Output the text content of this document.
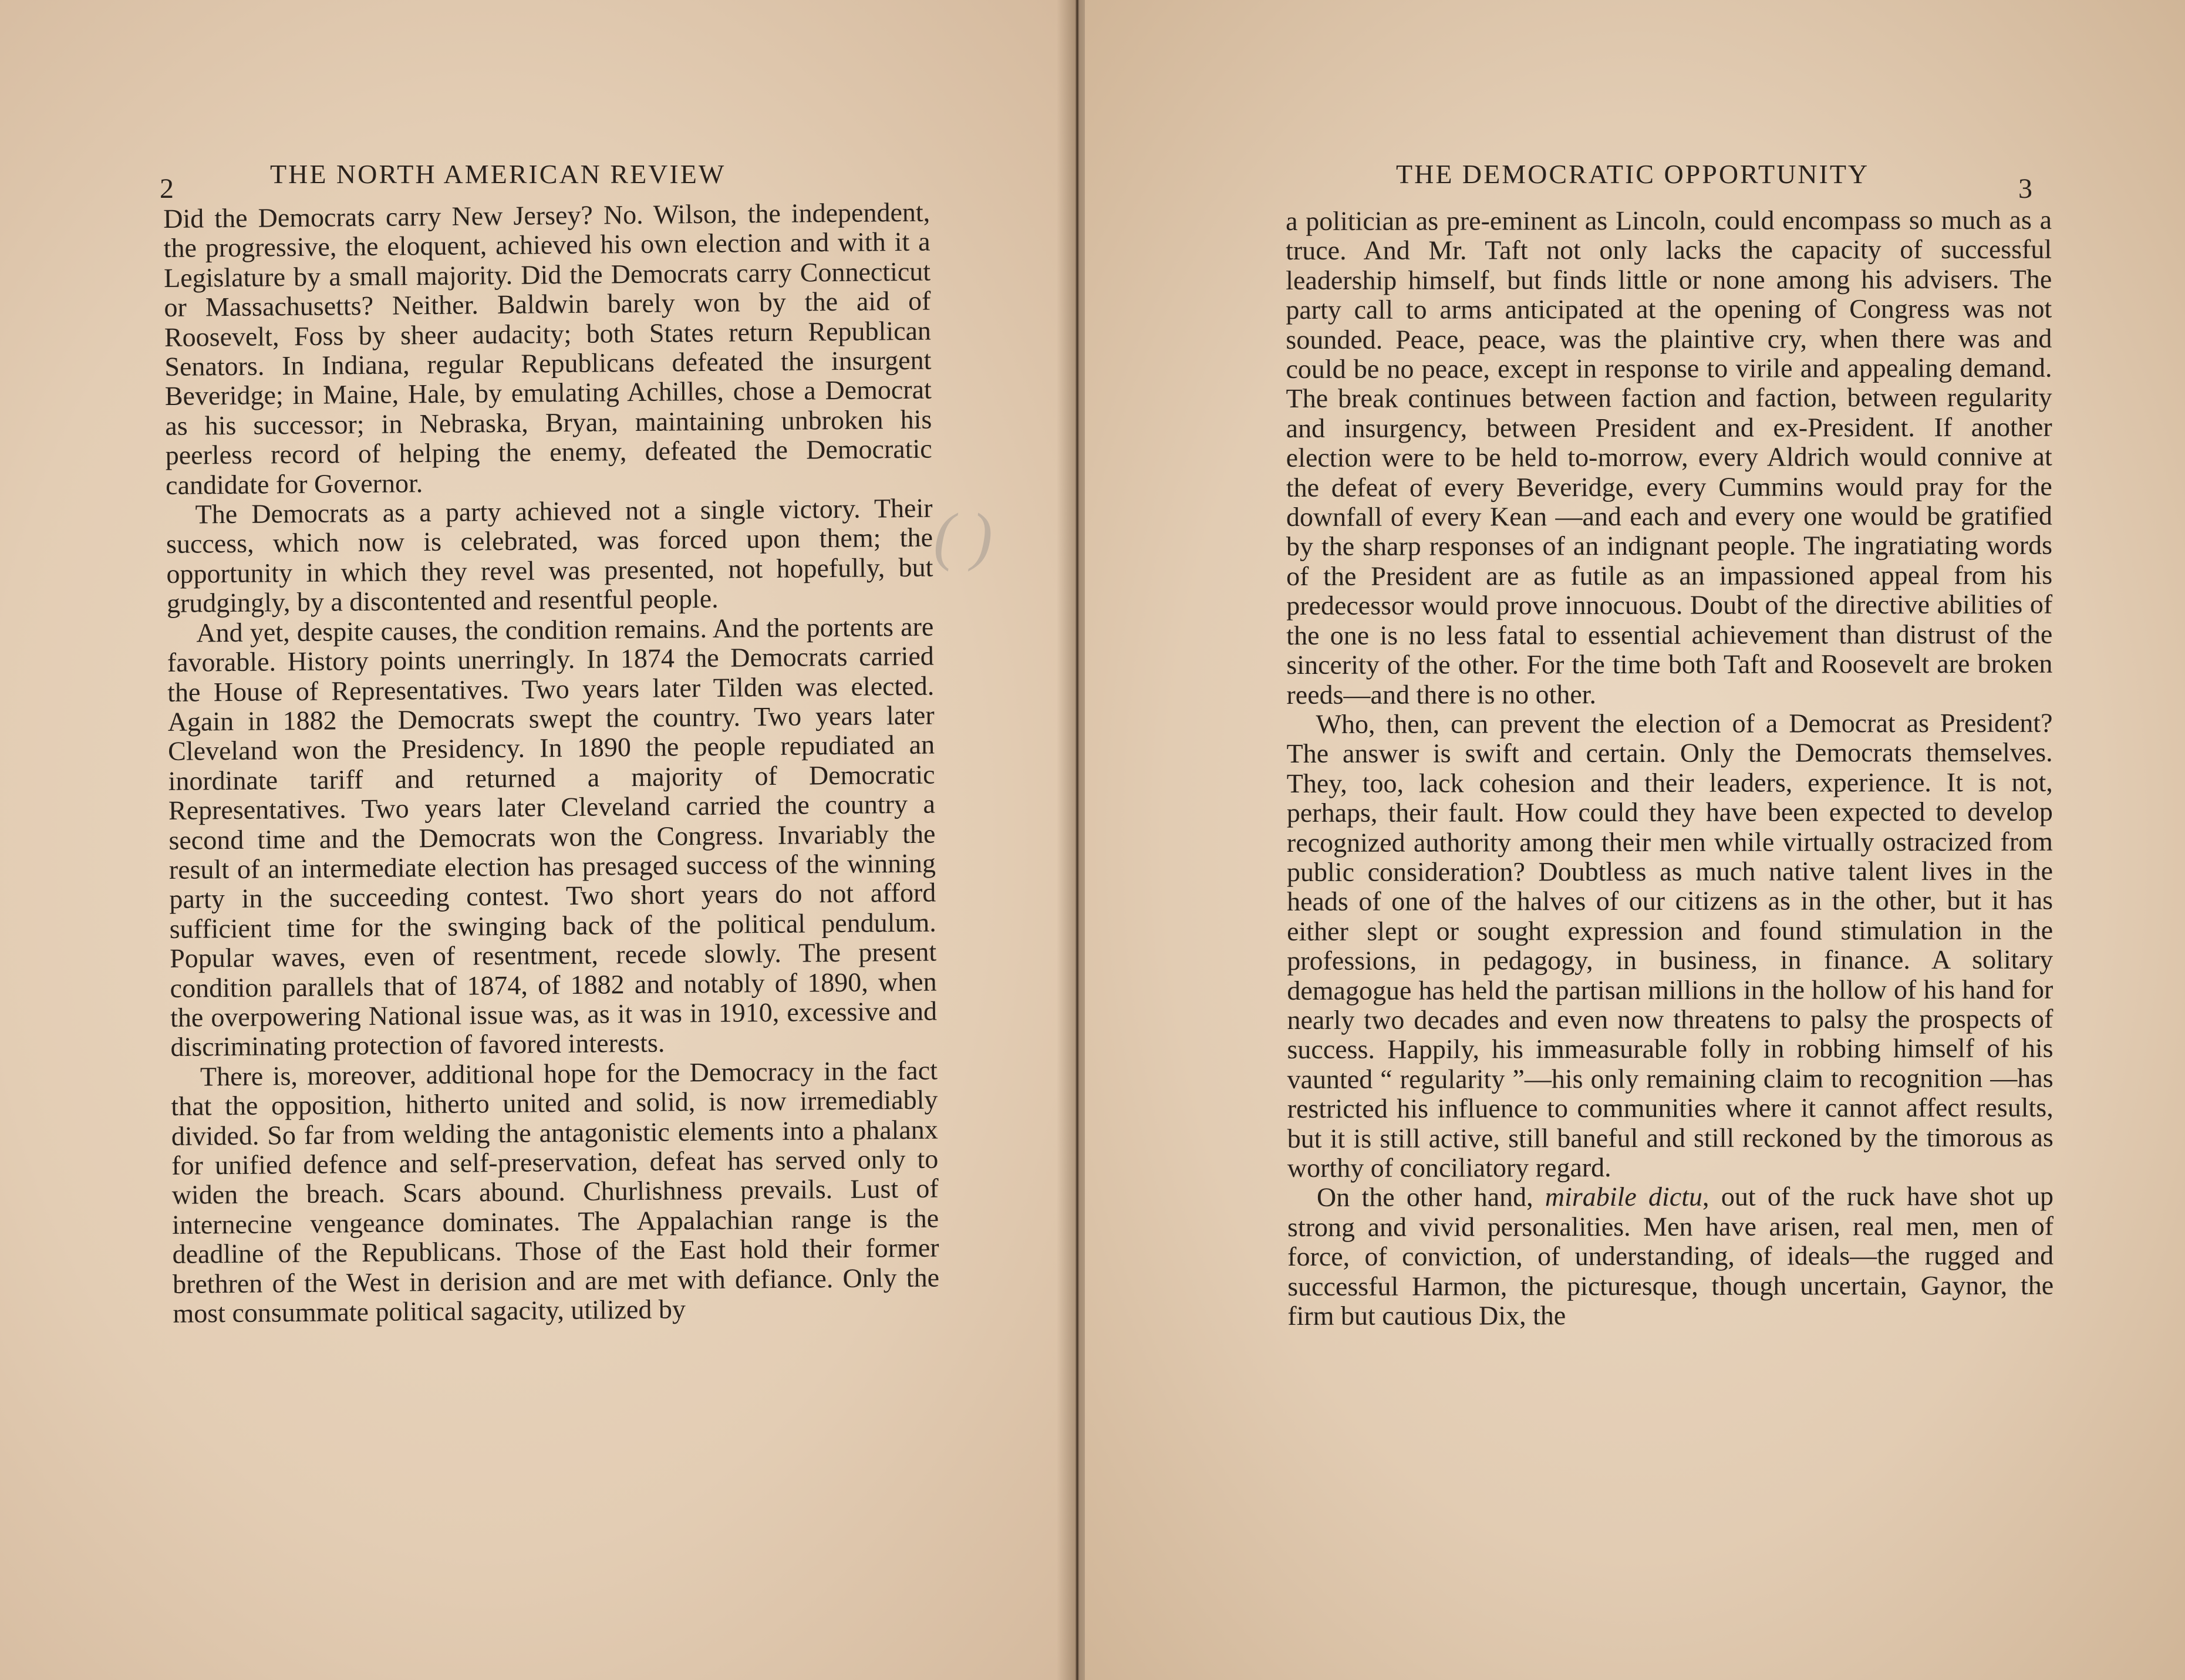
2	THE NORTH AMERICAN REVIEW
( )

Did the Democrats carry New Jersey? No. Wilson, the independent, the progressive, the eloquent, achieved his own election and with it a Legislature by a small majority. Did the Democrats carry Connecticut or Massachusetts? Neither. Baldwin barely won by the aid of Roosevelt, Foss by sheer audacity; both States return Republican Senators. In Indiana, regular Republicans defeated the insurgent Beveridge; in Maine, Hale, by emulating Achilles, chose a Democrat as his successor; in Nebraska, Bryan, maintaining unbroken his peerless record of helping the enemy, defeated the Democratic candidate for Governor.

The Democrats as a party achieved not a single victory. Their success, which now is celebrated, was forced upon them; the opportunity in which they revel was presented, not hopefully, but grudgingly, by a discontented and resentful people.

And yet, despite causes, the condition remains. And the portents are favorable. History points unerringly. In 1874 the Democrats carried the House of Representatives. Two years later Tilden was elected. Again in 1882 the Democrats swept the country. Two years later Cleveland won the Presidency. In 1890 the people repudiated an inordinate tariff and returned a majority of Democratic Representatives. Two years later Cleveland carried the country a second time and the Democrats won the Congress. Invariably the result of an intermediate election has presaged success of the winning party in the succeeding contest. Two short years do not afford sufficient time for the swinging back of the political pendulum. Popular waves, even of resentment, recede slowly. The present condition parallels that of 1874, of 1882 and notably of 1890, when the overpowering National issue was, as it was in 1910, excessive and discriminating protection of favored interests.

There is, moreover, additional hope for the Democracy in the fact that the opposition, hitherto united and solid, is now irremediably divided. So far from welding the antagonistic elements into a phalanx for unified defence and self-preservation, defeat has served only to widen the breach. Scars abound. Churlishness prevails. Lust of internecine vengeance dominates. The Appalachian range is the deadline of the Republicans. Those of the East hold their former brethren of the West in derision and are met with defiance. Only the most consummate political sagacity, utilized by

THE DEMOCRATIC OPPORTUNITY	3

a politician as pre-eminent as Lincoln, could encompass so much as a truce. And Mr. Taft not only lacks the capacity of successful leadership himself, but finds little or none among his advisers. The party call to arms anticipated at the opening of Congress was not sounded. Peace, peace, was the plaintive cry, when there was and could be no peace, except in response to virile and appealing demand. The break continues between faction and faction, between regularity and insurgency, between President and ex-President. If another election were to be held to-morrow, every Aldrich would connive at the defeat of every Beveridge, every Cummins would pray for the downfall of every Kean —and each and every one would be gratified by the sharp responses of an indignant people. The ingratiating words of the President are as futile as an impassioned appeal from his predecessor would prove innocuous. Doubt of the directive abilities of the one is no less fatal to essential achievement than distrust of the sincerity of the other. For the time both Taft and Roosevelt are broken reeds—and there is no other.

Who, then, can prevent the election of a Democrat as President? The answer is swift and certain. Only the Democrats themselves. They, too, lack cohesion and their leaders, experience. It is not, perhaps, their fault. How could they have been expected to develop recognized authority among their men while virtually ostracized from public consideration? Doubtless as much native talent lives in the heads of one of the halves of our citizens as in the other, but it has either slept or sought expression and found stimulation in the professions, in pedagogy, in business, in finance. A solitary demagogue has held the partisan millions in the hollow of his hand for nearly two decades and even now threatens to palsy the prospects of success. Happily, his immeasurable folly in robbing himself of his vaunted “ regularity ”—his only remaining claim to recognition —has restricted his influence to communities where it cannot affect results, but it is still active, still baneful and still reckoned by the timorous as worthy of conciliatory regard.

On the other hand, mirabile dictu, out of the ruck have shot up strong and vivid personalities. Men have arisen, real men, men of force, of conviction, of understanding, of ideals—the rugged and successful Harmon, the picturesque, though uncertain, Gaynor, the firm but cautious Dix, the
